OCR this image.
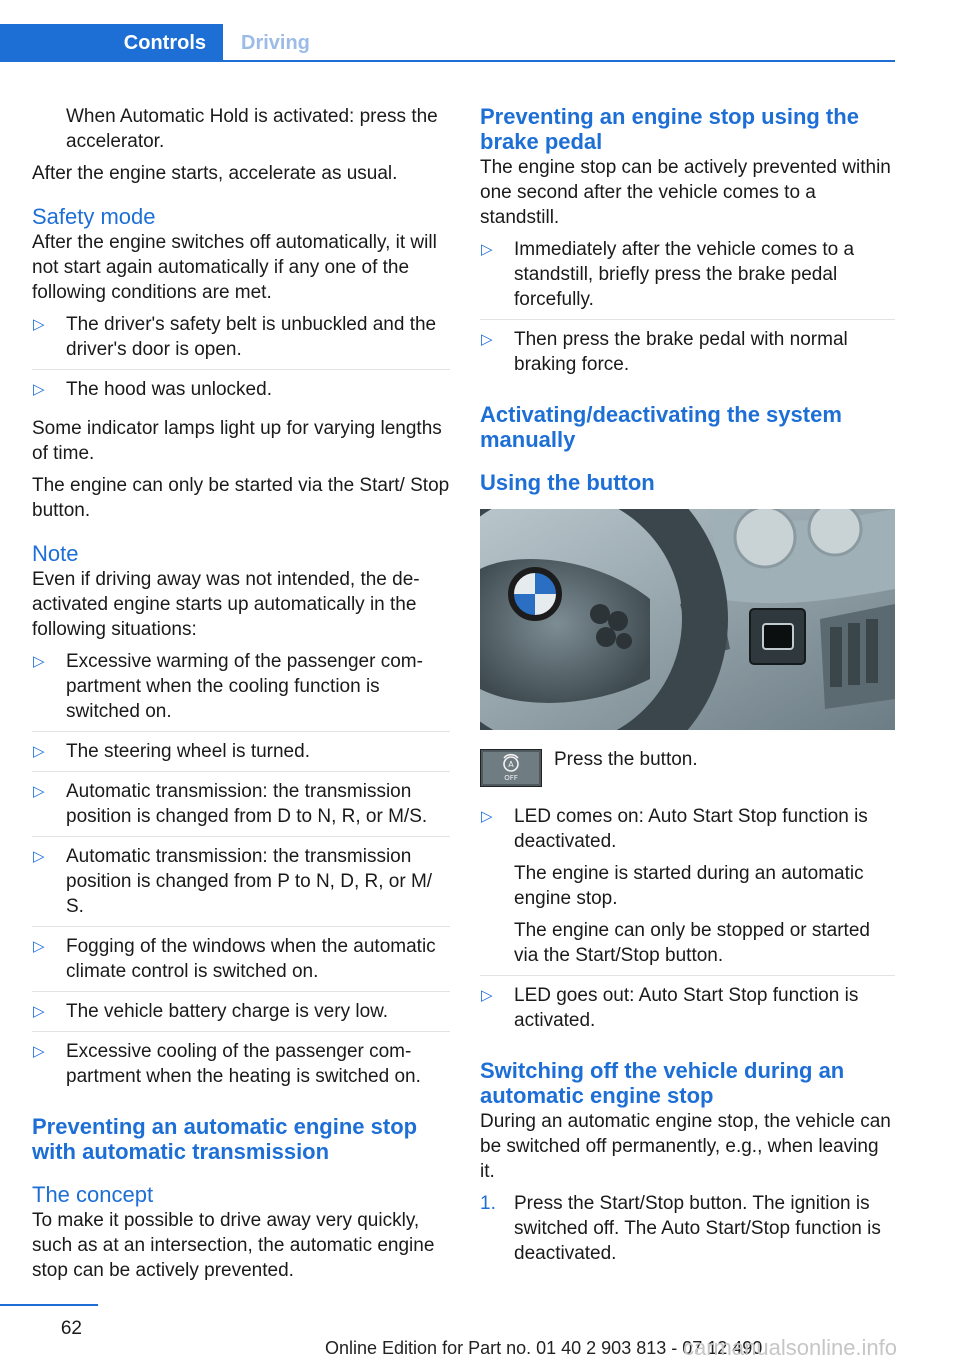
Controls	Driving

When Automatic Hold is activated: press the accelerator.

After the engine starts, accelerate as usual.

Safety mode

After the engine switches off automatically, it will not start again automatically if any one of the following conditions are met.

▷ The driver's safety belt is unbuckled and the driver's door is open.
▷ The hood was unlocked.

Some indicator lamps light up for varying lengths of time.

The engine can only be started via the Start/ Stop button.

Note

Even if driving away was not intended, the de-activated engine starts up automatically in the following situations:

▷ Excessive warming of the passenger com-partment when the cooling function is switched on.
▷ The steering wheel is turned.
▷ Automatic transmission: the transmission position is changed from D to N, R, or M/S.
▷ Automatic transmission: the transmission position is changed from P to N, D, R, or M/ S.
▷ Fogging of the windows when the automatic climate control is switched on.
▷ The vehicle battery charge is very low.
▷ Excessive cooling of the passenger com-partment when the heating is switched on.
Preventing an automatic engine stop with automatic transmission
The concept

To make it possible to drive away very quickly, such as at an intersection, the automatic engine stop can be actively prevented.

Preventing an engine stop using the brake pedal

The engine stop can be actively prevented within one second after the vehicle comes to a standstill.

▷ Immediately after the vehicle comes to a standstill, briefly press the brake pedal forcefully.
▷ Then press the brake pedal with normal braking force.
Activating/deactivating the system manually
Using the button
A
OFF
Press the button.
▷ LED comes on: Auto Start Stop function is deactivated.

The engine is started during an automatic engine stop.

The engine can only be stopped or started via the Start/Stop button.

▷ LED goes out: Auto Start Stop function is activated.
Switching off the vehicle during an automatic engine stop

During an automatic engine stop, the vehicle can be switched off permanently, e.g., when leaving it.

1. Press the Start/Stop button. The ignition is switched off. The Auto Start/Stop function is deactivated.
62
Online Edition for Part no. 01 40 2 903 813 - 07 12 490
carmanualsonline.info
